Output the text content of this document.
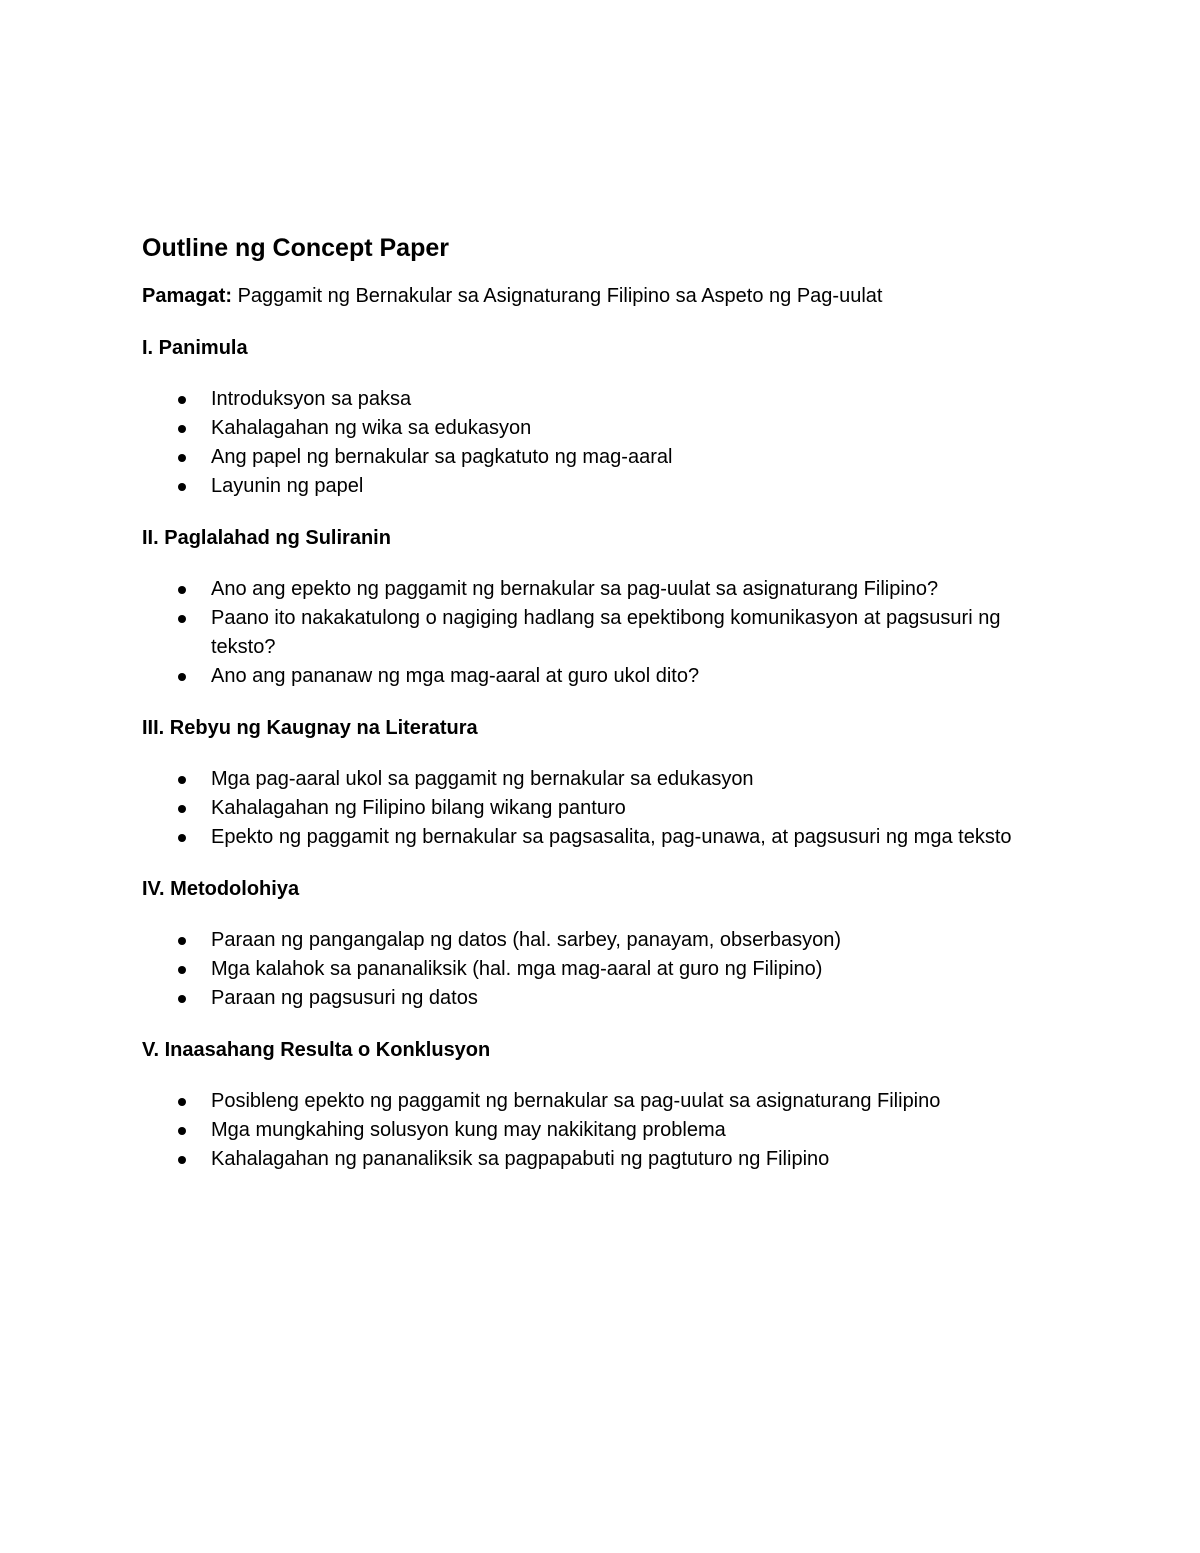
Outline ng Concept Paper

Pamagat: Paggamit ng Bernakular sa Asignaturang Filipino sa Aspeto ng Pag-uulat

I. Panimula
Introduksyon sa paksa
Kahalagahan ng wika sa edukasyon
Ang papel ng bernakular sa pagkatuto ng mag-aaral
Layunin ng papel
II. Paglalahad ng Suliranin
Ano ang epekto ng paggamit ng bernakular sa pag-uulat sa asignaturang Filipino?
Paano ito nakakatulong o nagiging hadlang sa epektibong komunikasyon at pagsusuri ng teksto?
Ano ang pananaw ng mga mag-aaral at guro ukol dito?
III. Rebyu ng Kaugnay na Literatura
Mga pag-aaral ukol sa paggamit ng bernakular sa edukasyon
Kahalagahan ng Filipino bilang wikang panturo
Epekto ng paggamit ng bernakular sa pagsasalita, pag-unawa, at pagsusuri ng mga teksto
IV. Metodolohiya
Paraan ng pangangalap ng datos (hal. sarbey, panayam, obserbasyon)
Mga kalahok sa pananaliksik (hal. mga mag-aaral at guro ng Filipino)
Paraan ng pagsusuri ng datos
V. Inaasahang Resulta o Konklusyon
Posibleng epekto ng paggamit ng bernakular sa pag-uulat sa asignaturang Filipino
Mga mungkahing solusyon kung may nakikitang problema
Kahalagahan ng pananaliksik sa pagpapabuti ng pagtuturo ng Filipino
